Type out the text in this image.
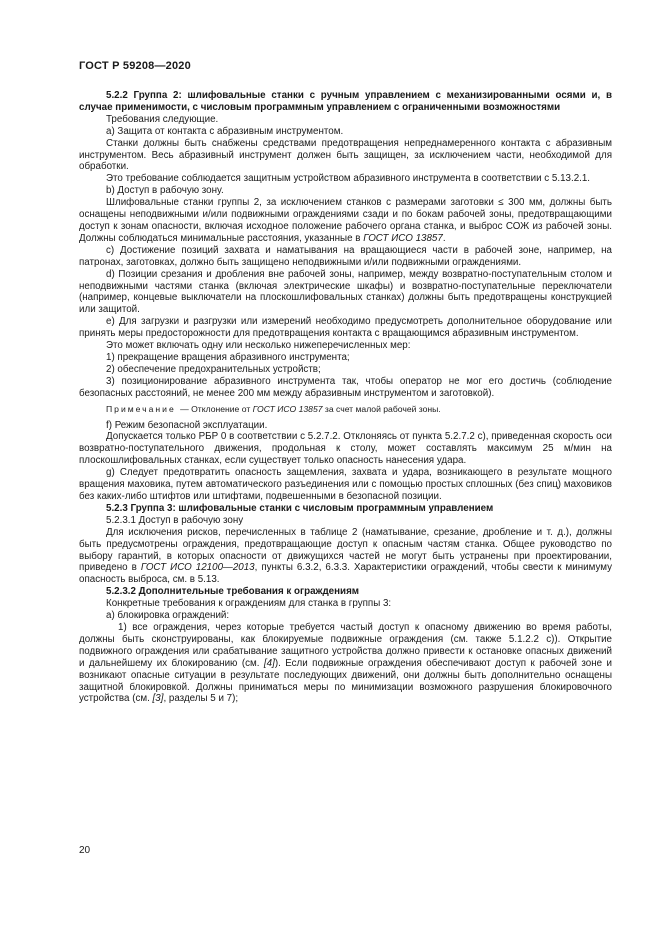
ГОСТ Р 59208—2020

5.2.2 Группа 2: шлифовальные станки с ручным управлением с механизированными осями и, в случае применимости, с числовым программным управлением с ограниченными возможностями

Требования следующие.

a) Защита от контакта с абразивным инструментом.

Станки должны быть снабжены средствами предотвращения непреднамеренного контакта с абразивным инструментом. Весь абразивный инструмент должен быть защищен, за исключением части, необходимой для обработки.

Это требование соблюдается защитным устройством абразивного инструмента в соответствии с 5.13.2.1.

b) Доступ в рабочую зону.

Шлифовальные станки группы 2, за исключением станков с размерами заготовки ≤ 300 мм, должны быть оснащены неподвижными и/или подвижными ограждениями сзади и по бокам рабочей зоны, предотвращающими доступ к зонам опасности, включая исходное положение рабочего органа станка, и выброс СОЖ из рабочей зоны. Должны соблюдаться минимальные расстояния, указанные в ГОСТ ИСО 13857.

c) Достижение позиций захвата и наматывания на вращающиеся части в рабочей зоне, например, на патронах, заготовках, должно быть защищено неподвижными и/или подвижными ограждениями.

d) Позиции срезания и дробления вне рабочей зоны, например, между возвратно-поступательным столом и неподвижными частями станка (включая электрические шкафы) и возвратно-поступательные переключатели (например, концевые выключатели на плоскошлифовальных станках) должны быть предотвращены конструкцией или защитой.

e) Для загрузки и разгрузки или измерений необходимо предусмотреть дополнительное оборудование или принять меры предосторожности для предотвращения контакта с вращающимся абразивным инструментом.

Это может включать одну или несколько нижеперечисленных мер:

1) прекращение вращения абразивного инструмента;

2) обеспечение предохранительных устройств;

3) позиционирование абразивного инструмента так, чтобы оператор не мог его достичь (соблюдение безопасных расстояний, не менее 200 мм между абразивным инструментом и заготовкой).

Примечание — Отклонение от ГОСТ ИСО 13857 за счет малой рабочей зоны.

f) Режим безопасной эксплуатации.

Допускается только РБР 0 в соответствии с 5.2.7.2. Отклоняясь от пункта 5.2.7.2 с), приведенная скорость оси возвратно-поступательного движения, продольная к столу, может составлять максимум 25 м/мин на плоскошлифовальных станках, если существует только опасность нанесения удара.

g) Следует предотвратить опасность защемления, захвата и удара, возникающего в результате мощного вращения маховика, путем автоматического разъединения или с помощью простых сплошных (без спиц) маховиков без каких-либо штифтов или штифтами, подвешенными в безопасной позиции.

5.2.3 Группа 3: шлифовальные станки с числовым программным управлением

5.2.3.1 Доступ в рабочую зону

Для исключения рисков, перечисленных в таблице 2 (наматывание, срезание, дробление и т. д.), должны быть предусмотрены ограждения, предотвращающие доступ к опасным частям станка. Общее руководство по выбору гарантий, в которых опасности от движущихся частей не могут быть устранены при проектировании, приведено в ГОСТ ИСО 12100—2013, пункты 6.3.2, 6.3.3. Характеристики ограждений, чтобы свести к минимуму опасность выброса, см. в 5.13.

5.2.3.2 Дополнительные требования к ограждениям

Конкретные требования к ограждениям для станка в группы 3:

a) блокировка ограждений:

1) все ограждения, через которые требуется частый доступ к опасному движению во время работы, должны быть сконструированы, как блокируемые подвижные ограждения (см. также 5.1.2.2 c)). Открытие подвижного ограждения или срабатывание защитного устройства должно привести к остановке опасных движений и дальнейшему их блокированию (см. [4]). Если подвижные ограждения обеспечивают доступ к рабочей зоне и возникают опасные ситуации в результате последующих движений, они должны быть дополнительно оснащены защитной блокировкой. Должны приниматься меры по минимизации возможного разрушения блокировочного устройства (см. [3], разделы 5 и 7);

20
